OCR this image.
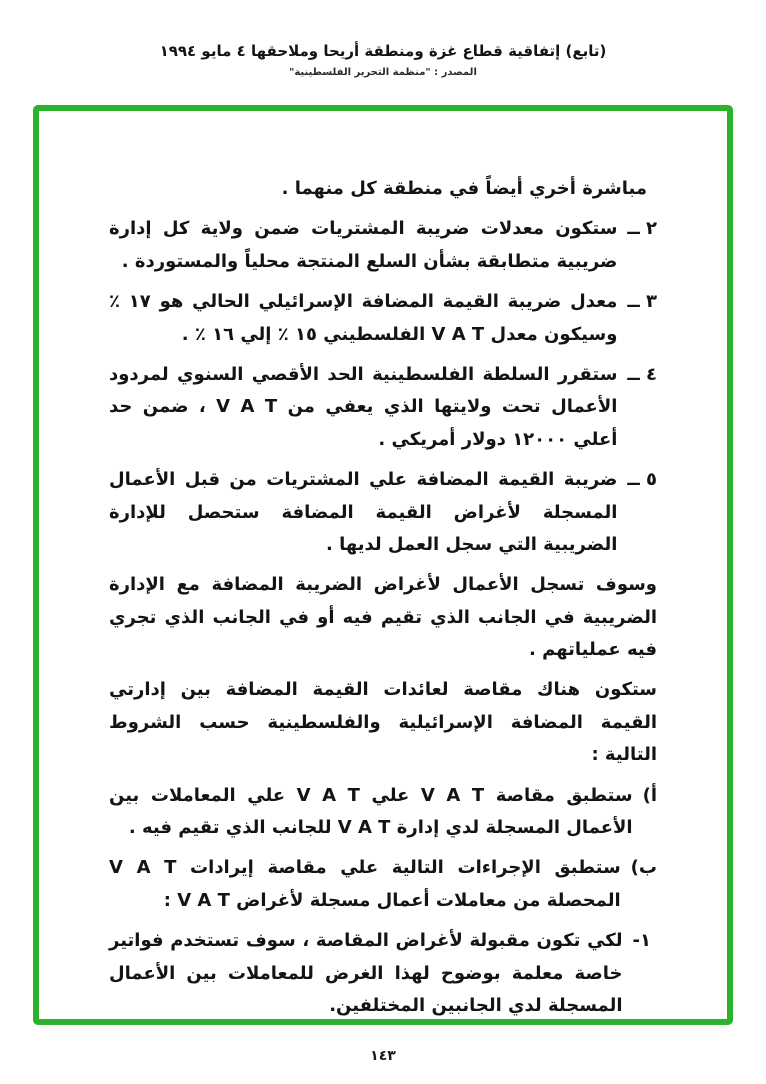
(تابع) إتفاقية قطاع غزة ومنطقة أريحا وملاحقها ٤ مايو ١٩٩٤
المصدر : "منظمة التحرير الفلسطينية"

مباشرة أخري أيضاً في منطقة كل منهما .

٢ ــ
ستكون معدلات ضريبة المشتريات ضمن ولاية كل إدارة ضريبية متطابقة بشأن السلع المنتجة محلياً والمستوردة .
٣ ــ
معدل ضريبة القيمة المضافة الإسرائيلي الحالي هو ١٧ ٪ وسيكون معدل V A T الفلسطيني ١٥ ٪ إلي ١٦ ٪ .
٤ ــ
ستقرر السلطة الفلسطينية الحد الأقصي السنوي لمردود الأعمال تحت ولايتها الذي يعفي من V A T ، ضمن حد أعلي ١٢٠٠٠ دولار أمريكي .
٥ ــ
ضريبة القيمة المضافة علي المشتريات من قبل الأعمال المسجلة لأغراض القيمة المضافة ستحصل للإدارة الضريبية التي سجل العمل لديها .

وسوف تسجل الأعمال لأغراض الضريبة المضافة مع الإدارة الضريبية في الجانب الذي تقيم فيه أو في الجانب الذي تجري فيه عملياتهم .

ستكون هناك مقاصة لعائدات القيمة المضافة بين إدارتي القيمة المضافة الإسرائيلية والفلسطينية حسب الشروط التالية :

أ)
ستطبق مقاصة V A T علي V A T علي المعاملات بين الأعمال المسجلة لدي إدارة V A T للجانب الذي تقيم فيه .
ب)
ستطبق الإجراءات التالية علي مقاصة إيرادات V A T المحصلة من معاملات أعمال مسجلة لأغراض V A T :
١-
لكي تكون مقبولة لأغراض المقاصة ، سوف تستخدم فواتير خاصة معلمة بوضوح لهذا الغرض للمعاملات بين الأعمال المسجلة لدي الجانبين المختلفين.
١٤٣
